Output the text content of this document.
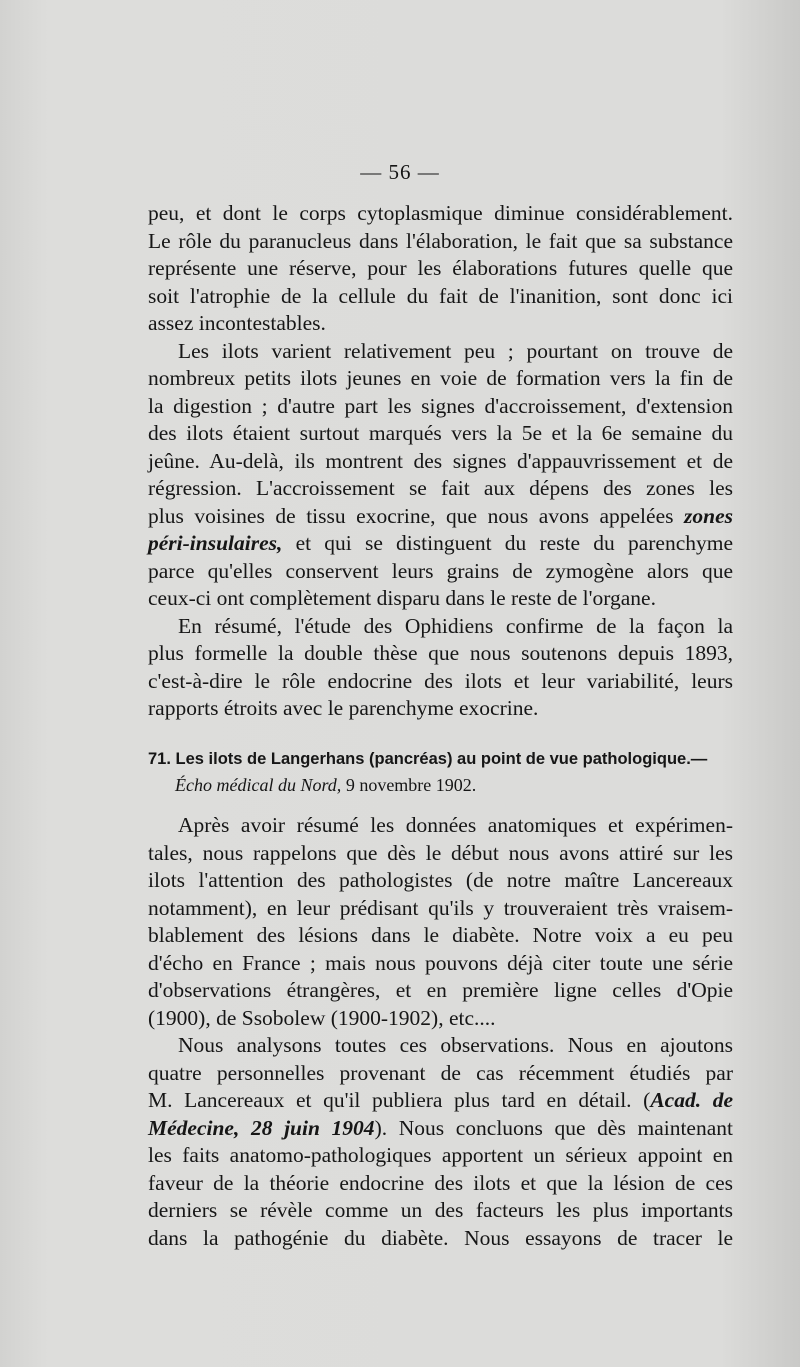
— 56 —
peu, et dont le corps cytoplasmique diminue considérablement.
Le rôle du paranucleus dans l'élaboration, le fait que sa substance
représente une réserve, pour les élaborations futures quelle que
soit l'atrophie de la cellule du fait de l'inanition, sont donc ici
assez incontestables.
Les ilots varient relativement peu ; pourtant on trouve de
nombreux petits ilots jeunes en voie de formation vers la fin de
la digestion ; d'autre part les signes d'accroissement, d'extension
des ilots étaient surtout marqués vers la 5e et la 6e semaine du
jeûne. Au-delà, ils montrent des signes d'appauvrissement et de
régression. L'accroissement se fait aux dépens des zones les
plus voisines de tissu exocrine, que nous avons appelées zones
péri-insulaires, et qui se distinguent du reste du parenchyme
parce qu'elles conservent leurs grains de zymogène alors que
ceux-ci ont complètement disparu dans le reste de l'organe.
En résumé, l'étude des Ophidiens confirme de la façon la
plus formelle la double thèse que nous soutenons depuis 1893,
c'est-à-dire le rôle endocrine des ilots et leur variabilité, leurs
rapports étroits avec le parenchyme exocrine.
71. Les ilots de Langerhans (pancréas) au point de vue pathologique.—
Écho médical du Nord, 9 novembre 1902.
Après avoir résumé les données anatomiques et expérimen-
tales, nous rappelons que dès le début nous avons attiré sur les
ilots l'attention des pathologistes (de notre maître Lancereaux
notamment), en leur prédisant qu'ils y trouveraient très vraisem-
blablement des lésions dans le diabète. Notre voix a eu peu
d'écho en France ; mais nous pouvons déjà citer toute une série
d'observations étrangères, et en première ligne celles d'Opie
(1900), de Ssobolew (1900-1902), etc....
Nous analysons toutes ces observations. Nous en ajoutons
quatre personnelles provenant de cas récemment étudiés par
M. Lancereaux et qu'il publiera plus tard en détail. (Acad. de
Médecine, 28 juin 1904). Nous concluons que dès maintenant
les faits anatomo-pathologiques apportent un sérieux appoint en
faveur de la théorie endocrine des ilots et que la lésion de ces
derniers se révèle comme un des facteurs les plus importants
dans la pathogénie du diabète. Nous essayons de tracer le
